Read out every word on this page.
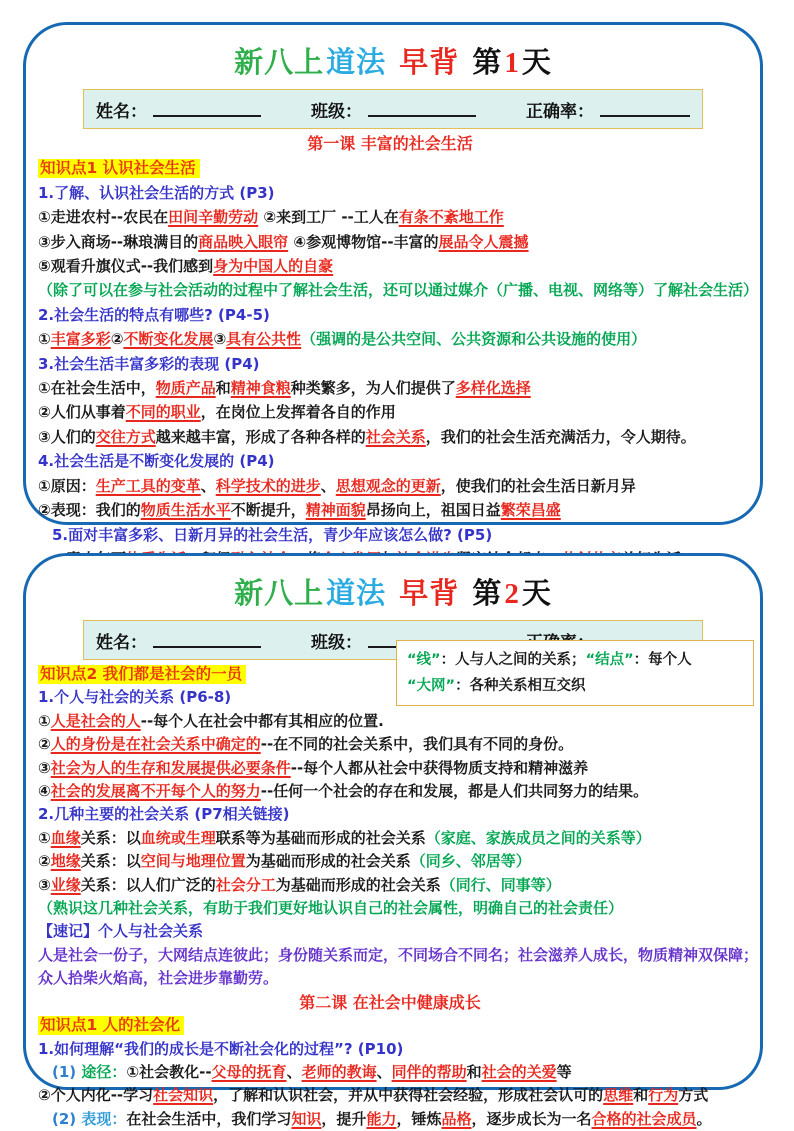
新八上道法 早背 第1天
姓名：	班级：	正确率：
第一课 丰富的社会生活
知识点1 认识社会生活
1.了解、认识社会生活的方式 (P3)
①走进农村--农民在田间辛勤劳动 ②来到工厂 --工人在有条不紊地工作
③步入商场--琳琅满目的商品映入眼帘 ④参观博物馆--丰富的展品令人震撼
⑤观看升旗仪式--我们感到身为中国人的自豪
（除了可以在参与社会活动的过程中了解社会生活，还可以通过媒介（广播、电视、网络等）了解社会生活）
2.社会生活的特点有哪些? (P4-5)
①丰富多彩②不断变化发展③具有公共性（强调的是公共空间、公共资源和公共设施的使用）
3.社会生活丰富多彩的表现 (P4)
①在社会生活中，物质产品和精神食粮种类繁多，为人们提供了多样化选择
②人们从事着不同的职业，在岗位上发挥着各自的作用
③人们的交往方式越来越丰富，形成了各种各样的社会关系，我们的社会生活充满活力，令人期待。
4.社会生活是不断变化发展的 (P4)
①原因：生产工具的变革、科学技术的进步、思想观念的更新，使我们的社会生活日新月异
②表现：我们的物质生活水平不断提升，精神面貌昂扬向上，祖国日益繁荣昌盛
5.面对丰富多彩、日新月异的社会生活，青少年应该怎么做? (P5)
新八上道法 早背 第2天
姓名：	班级：
“线”：人与人之间的关系；“结点”：每个人
“大网”：各种关系相互交织
知识点2 我们都是社会的一员
1.个人与社会的关系 (P6-8)
①人是社会的人--每个人在社会中都有其相应的位置.
②人的身份是在社会关系中确定的--在不同的社会关系中，我们具有不同的身份。
③社会为人的生存和发展提供必要条件--每个人都从社会中获得物质支持和精神滋养
④社会的发展离不开每个人的努力--任何一个社会的存在和发展，都是人们共同努力的结果。
2.几种主要的社会关系 (P7相关链接)
①血缘关系：以血统或生理联系等为基础而形成的社会关系（家庭、家族成员之间的关系等）
②地缘关系：以空间与地理位置为基础而形成的社会关系（同乡、邻居等）
③业缘关系：以人们广泛的社会分工为基础而形成的社会关系（同行、同事等）
（熟识这几种社会关系，有助于我们更好地认识自己的社会属性，明确自己的社会责任）
【速记】个人与社会关系
人是社会一份子，大网结点连彼此；身份随关系而定，不同场合不同名；社会滋养人成长，物质精神双保障；
众人拾柴火焰高，社会进步靠勤劳。
第二课 在社会中健康成长
知识点1 人的社会化
1.如何理解“我们的成长是不断社会化的过程”? (P10)
(1) 途径：①社会教化--父母的抚育、老师的教诲、同伴的帮助和社会的关爱等
②个人内化--学习社会知识，了解和认识社会，并从中获得社会经验，形成社会认可的思维和行为方式
(2) 表现：在社会生活中，我们学习知识，提升能力，锤炼品格，逐步成长为一名合格的社会成员。
